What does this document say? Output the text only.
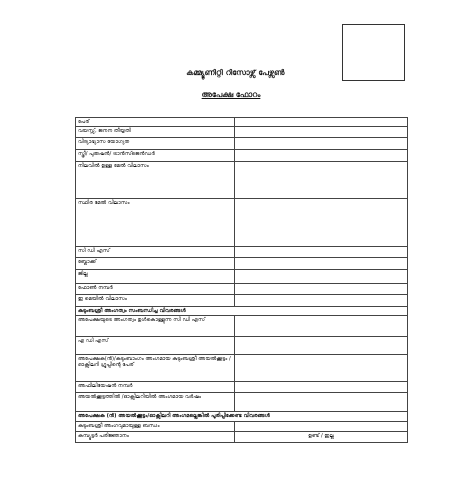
കമ്മ്യൂണിറ്റി റിസോഴ്സ് പേഴ്സൺ
അപേക്ഷ ഫോറം
പേര്	
വയസ്സ്, ജനന തീയ്യതി	
വിദ്യാഭ്യാസ യോഗ്യത	
സ്ത്രീ/ പുരുഷൻ/ ട്രാൻസ്ജെൻഡർ	
നിലവിൽ ഉള്ള മേൽ വിലാസം	
സ്ഥിര മേൽ വിലാസം	
സി ഡി എസ്	
ബ്ലോക്ക്	
ജില്ല	
ഫോൺ നമ്പർ	
ഇ മെയിൽ വിലാസം	
കുടുംബശ്രീ അംഗത്വം സംബന്ധിച്ച വിവരങ്ങൾ	
അപേക്ഷയുടെ അംഗത്വം ഉൾകൊള്ളുന്ന സി ഡി എസ്	
എ ഡി എസ്	
അപേക്ഷക(ൻ)/കുടുംബാംഗം അംഗമായ കുടുംബശ്രീ അയൽക്കൂട്ടം /ഓക്സിലറി ഗ്രൂപ്പിന്റെ പേര്	
അഫിലിയേഷൻ നമ്പർ	
അയൽക്കൂട്ടത്തിൽ /ഓക്സിലറിയിൽ അംഗമായ വർഷം	
അപേക്ഷക (ൻ) അയൽക്കൂട്ടം/ഓക്സിലറി അംഗമല്ലെങ്കിൽ പൂരിപ്പിക്കേണ്ട വിവരങ്ങൾ	
കുടുംബശ്രീ അംഗവുമായുള്ള ബന്ധം	
കമ്പ്യൂട്ടർ പരിജ്ഞാനം	ഉണ്ട് / ഇല്ല
